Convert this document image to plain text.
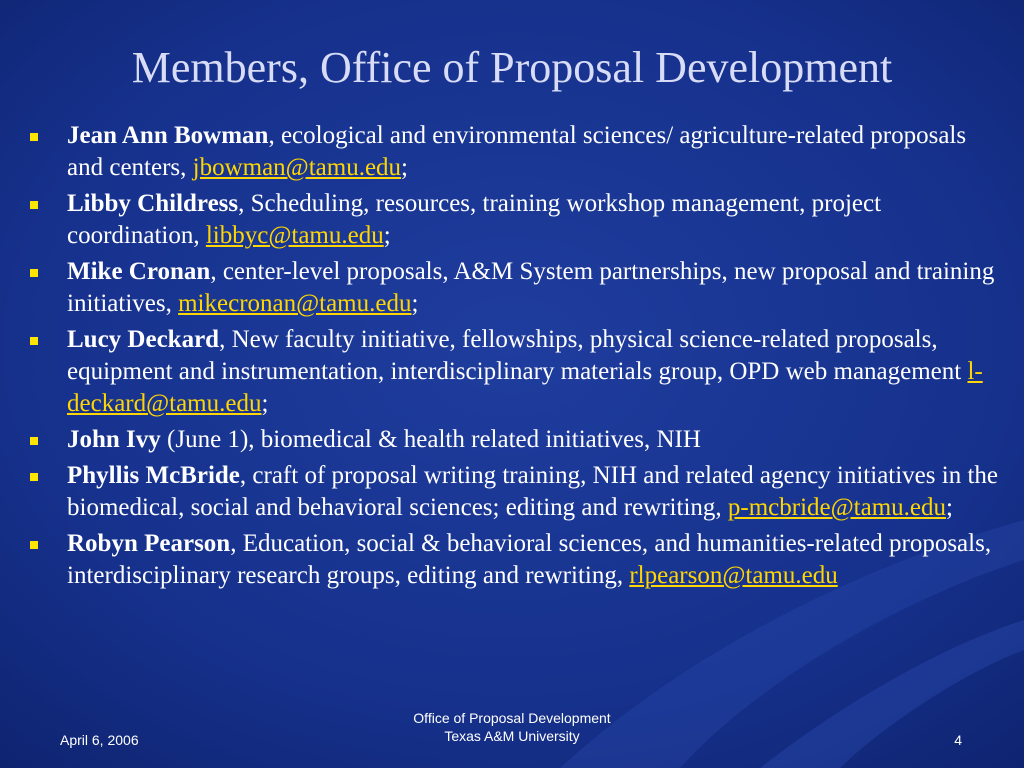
Members, Office of Proposal Development
Jean Ann Bowman, ecological and environmental sciences/ agriculture-related proposals and centers, jbowman@tamu.edu;
Libby Childress, Scheduling, resources, training workshop management, project coordination, libbyc@tamu.edu;
Mike Cronan, center-level proposals, A&M System partnerships, new proposal and training initiatives, mikecronan@tamu.edu;
Lucy Deckard, New faculty initiative, fellowships, physical science-related proposals, equipment and instrumentation, interdisciplinary materials group, OPD web management l-deckard@tamu.edu;
John Ivy (June 1), biomedical & health related initiatives, NIH
Phyllis McBride, craft of proposal writing training, NIH and related agency initiatives in the biomedical, social and behavioral sciences; editing and rewriting, p-mcbride@tamu.edu;
Robyn Pearson, Education, social & behavioral sciences, and humanities-related proposals, interdisciplinary research groups, editing and rewriting, rlpearson@tamu.edu
April 6, 2006
Office of Proposal Development
Texas A&M University	4
